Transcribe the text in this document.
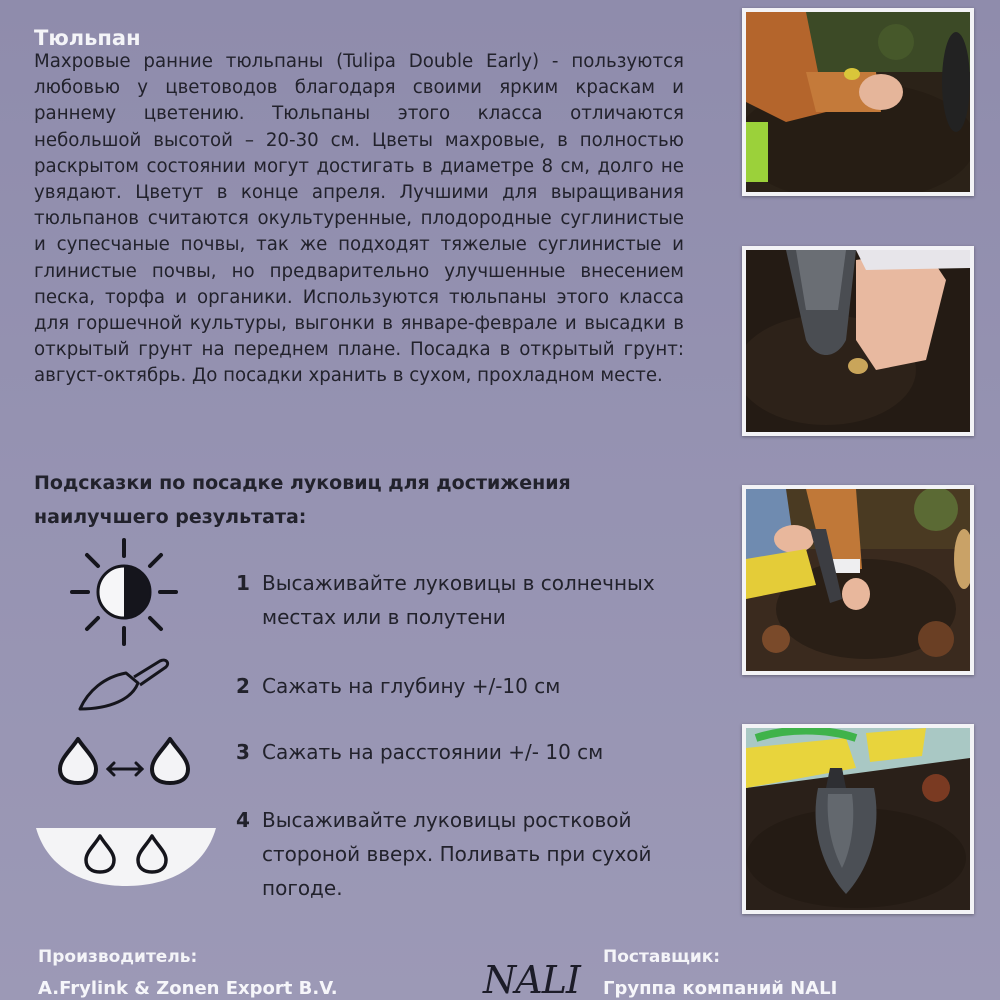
Тюльпан
Махровые ранние тюльпаны (Tulipa Double Early) - пользуются любовью у цветоводов благодаря своими ярким краскам и раннему цветению. Тюльпаны этого класса отличаются небольшой высотой – 20-30 см. Цветы махровые, в полностью раскрытом состоянии могут достигать в диаметре 8 см, долго не увядают. Цветут в конце апреля. Лучшими для выращивания тюльпанов считаются окультуренные, плодородные суглинистые и супесчаные почвы, так же подходят тяжелые суглинистые и глинистые почвы, но предварительно улучшенные внесением песка, торфа и органики. Используются тюльпаны этого класса для горшечной культуры, выгонки в январе-феврале и высадки в открытый грунт на переднем плане. Посадка в открытый грунт: август-октябрь. До посадки хранить в сухом, прохладном месте.
Подсказки по посадке луковиц для достижения наилучшего результата:
1 Высаживайте луковицы в солнечных местах или в полутени
2 Сажать на глубину +/-10 см
3 Сажать на расстоянии +/- 10 см
4 Высаживайте луковицы ростковой стороной вверх. Поливать при сухой погоде.
Производитель:
A.Frylink & Zonen Export B.V.	NALI
Поставщик:
Группа компаний NALI
